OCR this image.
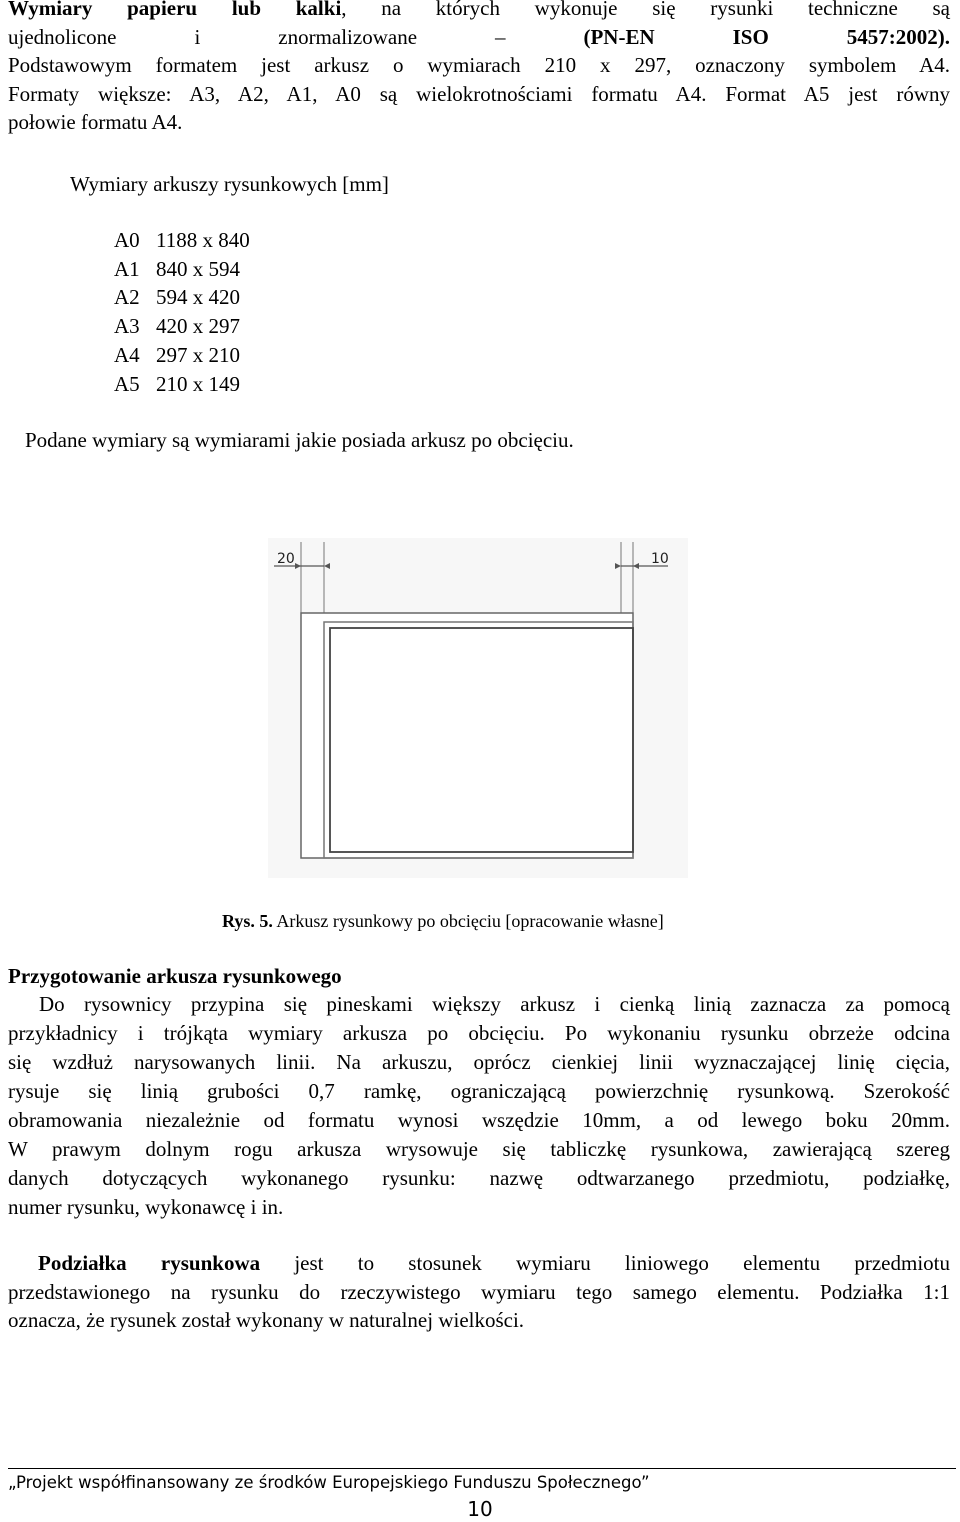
Wymiary papieru lub kalki, na których wykonuje się rysunki techniczne są
ujednolicone i znormalizowane – (PN-EN ISO 5457:2002).
Podstawowym formatem jest arkusz o wymiarach 210 x 297, oznaczony symbolem A4.
Formaty większe: A3, A2, A1, A0 są wielokrotnościami formatu A4. Format A5 jest równy
połowie formatu A4.
Wymiary arkuszy rysunkowych [mm]
A0 1188 x 840
A1 840 x 594
A2 594 x 420
A3 420 x 297
A4 297 x 210
A5 210 x 149
Podane wymiary są wymiarami jakie posiada arkusz po obcięciu.
20	10
Rys. 5. Arkusz rysunkowy po obcięciu [opracowanie własne]
Przygotowanie arkusza rysunkowego
Do rysownicy przypina się pineskami większy arkusz i cienką linią zaznacza za pomocą
przykładnicy i trójkąta wymiary arkusza po obcięciu. Po wykonaniu rysunku obrzeże odcina
się wzdłuż narysowanych linii. Na arkuszu, oprócz cienkiej linii wyznaczającej linię cięcia,
rysuje się linią grubości 0,7 ramkę, ograniczającą powierzchnię rysunkową. Szerokość
obramowania niezależnie od formatu wynosi wszędzie 10mm, a od lewego boku 20mm.
W prawym dolnym rogu arkusza wrysowuje się tabliczkę rysunkowa, zawierającą szereg
danych dotyczących wykonanego rysunku: nazwę odtwarzanego przedmiotu, podziałkę,
numer rysunku, wykonawcę i in.
Podziałka rysunkowa jest to stosunek wymiaru liniowego elementu przedmiotu
przedstawionego na rysunku do rzeczywistego wymiaru tego samego elementu. Podziałka 1:1
oznacza, że rysunek został wykonany w naturalnej wielkości.
„Projekt współfinansowany ze środków Europejskiego Funduszu Społecznego”
10
